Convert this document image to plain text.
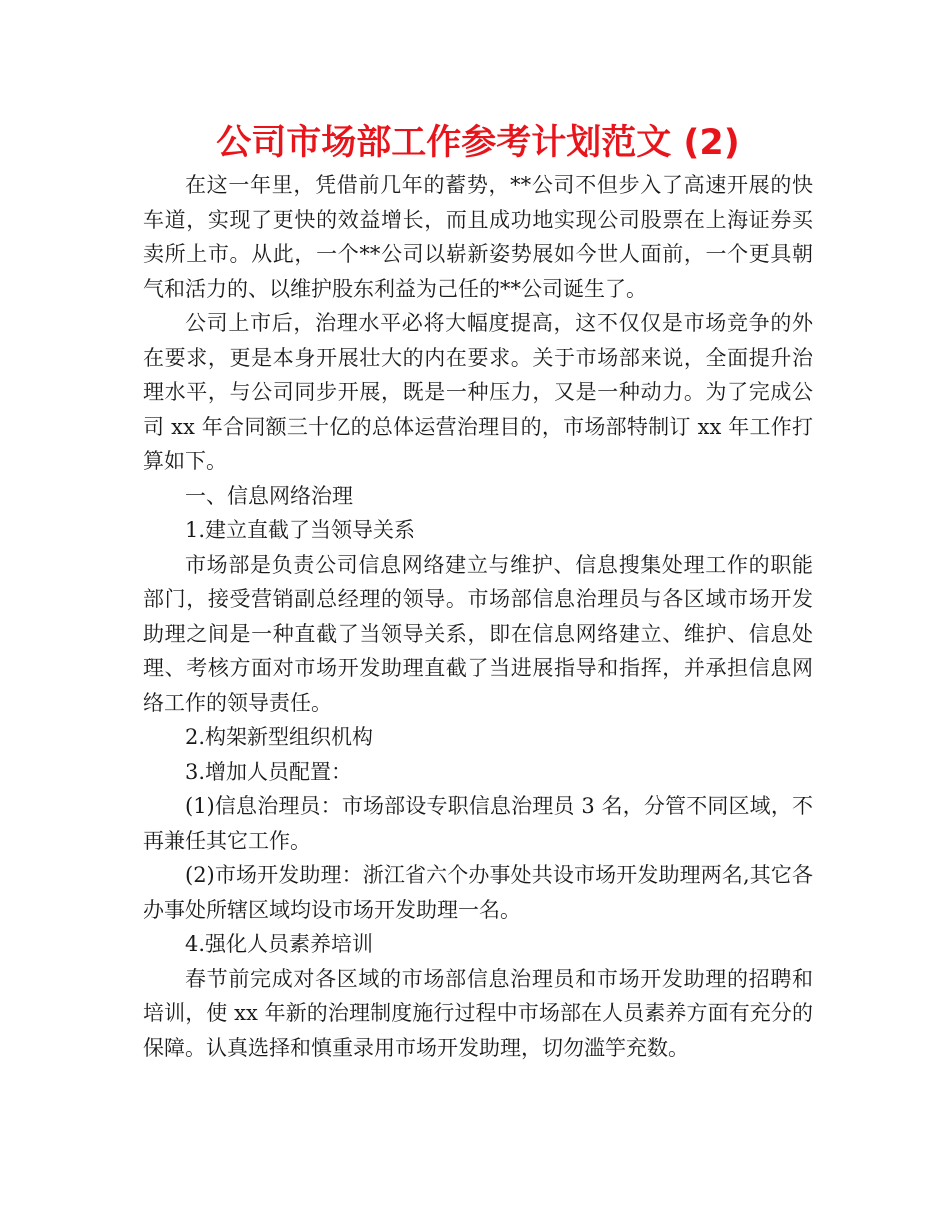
公司市场部工作参考计划范文 (2)

在这一年里，凭借前几年的蓄势，**公司不但步入了高速开展的快车道，实现了更快的效益增长，而且成功地实现公司股票在上海证券买卖所上市。从此，一个**公司以崭新姿势展如今世人面前，一个更具朝气和活力的、以维护股东利益为己任的**公司诞生了。

公司上市后，治理水平必将大幅度提高，这不仅仅是市场竞争的外在要求，更是本身开展壮大的内在要求。关于市场部来说，全面提升治理水平，与公司同步开展，既是一种压力，又是一种动力。为了完成公司 xx 年合同额三十亿的总体运营治理目的，市场部特制订 xx 年工作打算如下。

一、信息网络治理

1.建立直截了当领导关系

市场部是负责公司信息网络建立与维护、信息搜集处理工作的职能部门，接受营销副总经理的领导。市场部信息治理员与各区域市场开发助理之间是一种直截了当领导关系，即在信息网络建立、维护、信息处理、考核方面对市场开发助理直截了当进展指导和指挥，并承担信息网络工作的领导责任。

2.构架新型组织机构

3.增加人员配置：

(1)信息治理员：市场部设专职信息治理员 3 名，分管不同区域，不再兼任其它工作。

(2)市场开发助理：浙江省六个办事处共设市场开发助理两名,其它各办事处所辖区域均设市场开发助理一名。

4.强化人员素养培训

春节前完成对各区域的市场部信息治理员和市场开发助理的招聘和培训，使 xx 年新的治理制度施行过程中市场部在人员素养方面有充分的保障。认真选择和慎重录用市场开发助理，切勿滥竽充数。
